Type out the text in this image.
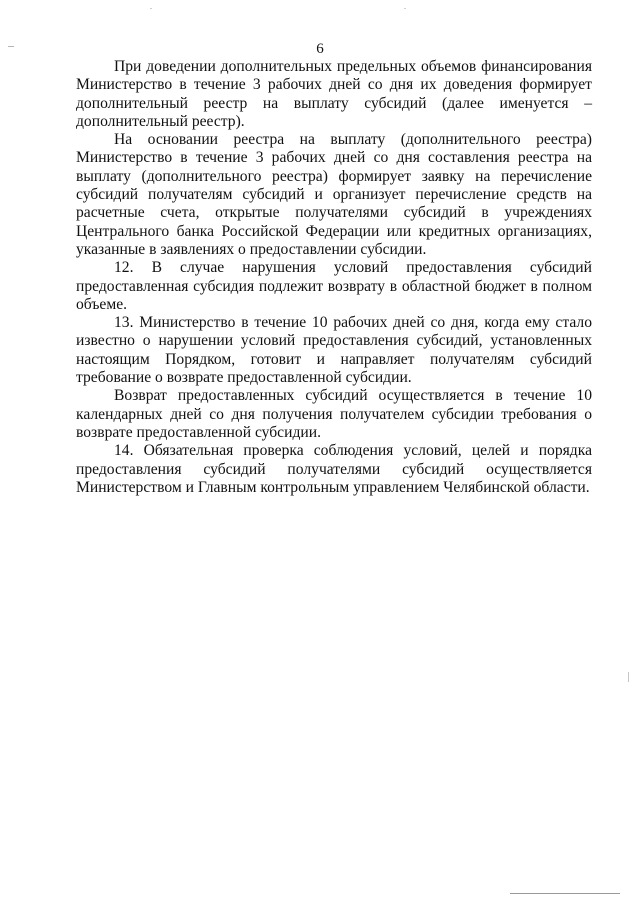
6

При доведении дополнительных предельных объемов финансирования Министерство в течение 3 рабочих дней со дня их доведения формирует дополнительный реестр на выплату субсидий (далее именуется – дополнительный реестр).

На основании реестра на выплату (дополнительного реестра) Министерство в течение 3 рабочих дней со дня составления реестра на выплату (дополнительного реестра) формирует заявку на перечисление субсидий получателям субсидий и организует перечисление средств на расчетные счета, открытые получателями субсидий в учреждениях Центрального банка Российской Федерации или кредитных организациях, указанные в заявлениях о предоставлении субсидии.

12. В случае нарушения условий предоставления субсидий предоставленная субсидия подлежит возврату в областной бюджет в полном объеме.

13. Министерство в течение 10 рабочих дней со дня, когда ему стало известно о нарушении условий предоставления субсидий, установленных настоящим Порядком, готовит и направляет получателям субсидий требование о возврате предоставленной субсидии.

Возврат предоставленных субсидий осуществляется в течение 10 календарных дней со дня получения получателем субсидии требования о возврате предоставленной субсидии.

14. Обязательная проверка соблюдения условий, целей и порядка предоставления субсидий получателями субсидий осуществляется Министерством и Главным контрольным управлением Челябинской области.
